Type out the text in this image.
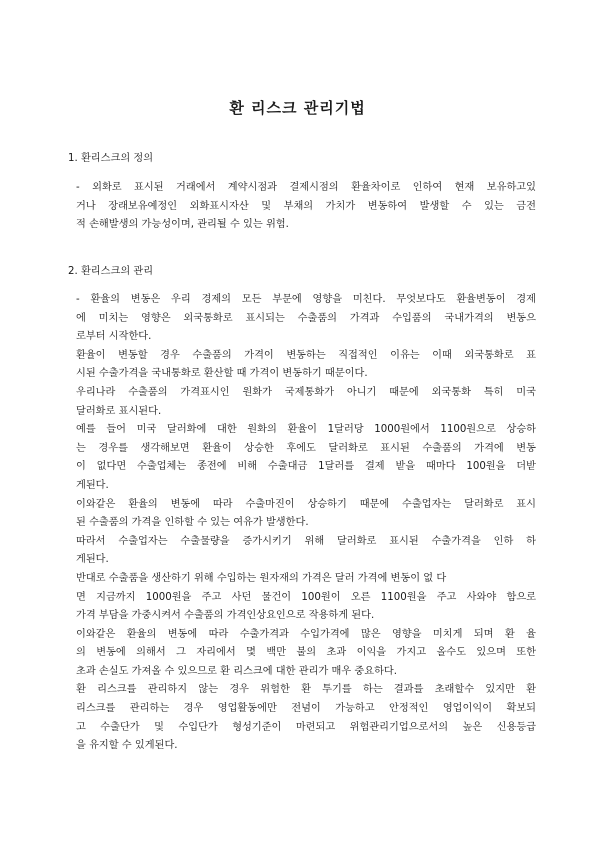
환 리스크 관리기법

1. 환리스크의 정의

- 외화로 표시된 거래에서 계약시점과 결제시점의 환율차이로 인하여 현재 보유하고있
거나 장래보유예정인 외화표시자산 및 부채의 가치가 변동하여 발생할 수 있는 금전
적 손해발생의 가능성이며, 관리될 수 있는 위험.

2. 환리스크의 관리

- 환율의 변동은 우리 경제의 모든 부문에 영향을 미친다. 무엇보다도 환율변동이 경제
에 미치는 영향은 외국통화로 표시되는 수출품의 가격과 수입품의 국내가격의 변동으
로부터 시작한다.
환율이 변동할 경우 수출품의 가격이 변동하는 직접적인 이유는 이때 외국통화로 표
시된 수출가격을 국내통화로 환산할 때 가격이 변동하기 때문이다.
우리나라 수출품의 가격표시인 원화가 국제통화가 아니기 때문에 외국통화 특히 미국
달러화로 표시된다.
예를 들어 미국 달러화에 대한 원화의 환율이 1달러당 1000원에서 1100원으로 상승하
는 경우를 생각해보면 환율이 상승한 후에도 달러화로 표시된 수출품의 가격에 변동
이 없다면 수출업체는 종전에 비해 수출대금 1달러를 결제 받을 때마다 100원을 더받
게된다.
이와같은 환율의 변동에 따라 수출마진이 상승하기 때문에 수출업자는 달러화로 표시
된 수출품의 가격을 인하할 수 있는 여유가 발생한다.
따라서 수출업자는 수출물량을 증가시키기 위해 달러화로 표시된 수출가격을 인하 하
게된다.
반대로 수출품을 생산하기 위해 수입하는 원자재의 가격은 달러 가격에 변동이 없 다
면 지금까지 1000원을 주고 사던 물건이 100원이 오른 1100원을 주고 사와야 함으로
가격 부담을 가중시켜서 수출품의 가격인상요인으로 작용하게 된다.
이와같은 환율의 변동에 따라 수출가격과 수입가격에 많은 영향을 미치게 되며 환 율
의 변동에 의해서 그 자리에서 몇 백만 불의 초과 이익을 가지고 올수도 있으며 또한
초과 손실도 가져올 수 있으므로 환 리스크에 대한 관리가 매우 중요하다.
환 리스크를 관리하지 않는 경우 위험한 환 투기를 하는 결과를 초래할수 있지만 환
리스크를 관리하는 경우 영업활동에만 전념이 가능하고 안정적인 영업이익이 확보되
고 수출단가 및 수입단가 형성기준이 마련되고 위험관리기업으로서의 높은 신용등급
을 유지할 수 있게된다.
